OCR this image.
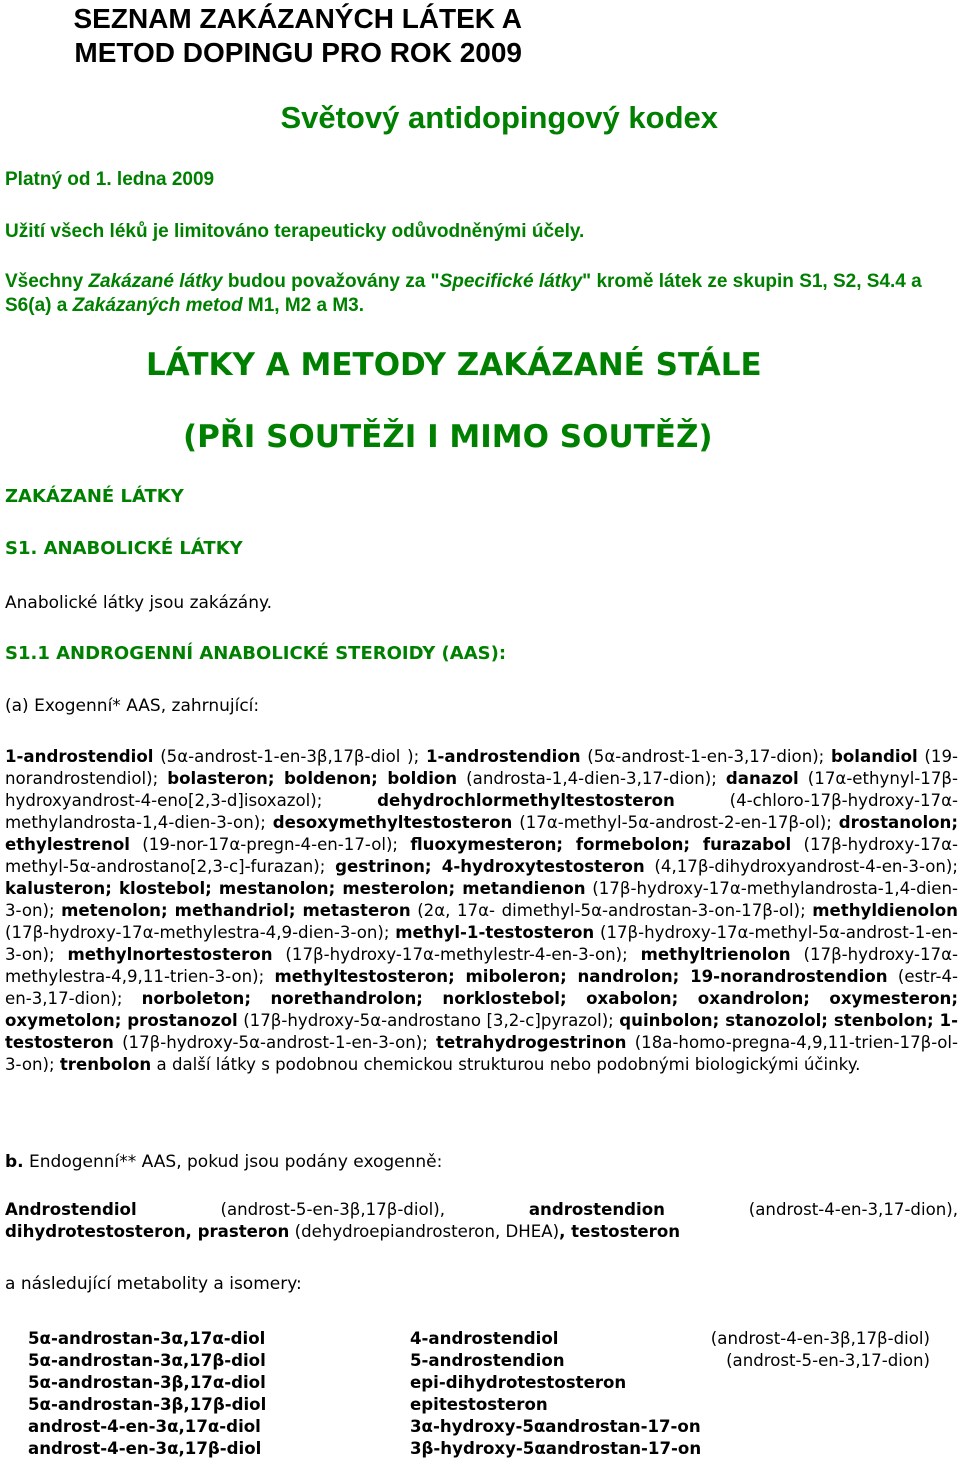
SEZNAM ZAKÁZANÝCH LÁTEK A METOD DOPINGU PRO ROK 2009
Světový antidopingový kodex
Platný od 1. ledna 2009
Užití všech léků je limitováno terapeuticky odůvodněnými účely.
Všechny Zakázané látky budou považovány za "Specifické látky" kromě látek ze skupin S1, S2, S4.4 a S6(a) a Zakázaných metod M1, M2 a M3.
LÁTKY A METODY ZAKÁZANÉ STÁLE
(PŘI SOUTĚŽI I MIMO SOUTĚŽ)
ZAKÁZANÉ LÁTKY
S1. ANABOLICKÉ LÁTKY
Anabolické látky jsou zakázány.
S1.1 ANDROGENNÍ ANABOLICKÉ STEROIDY (AAS):
(a) Exogenní* AAS, zahrnující:
1-androstendiol (5α-androst-1-en-3β,17β-diol ); 1-androstendion (5α-androst-1-en-3,17-dion); bolandiol (19-norandrostendiol); bolasteron; boldenon; boldion (androsta-1,4-dien-3,17-dion); danazol (17α-ethynyl-17β-hydroxyandrost-4-eno[2,3-d]isoxazol); dehydrochlormethyltestosteron (4-chloro-17β-hydroxy-17α-methylandrosta-1,4-dien-3-on); desoxymethyltestosteron (17α-methyl-5α-androst-2-en-17β-ol); drostanolon; ethylestrenol (19-nor-17α-pregn-4-en-17-ol); fluoxymesteron; formebolon; furazabol (17β-hydroxy-17α-methyl-5α-androstano[2,3-c]-furazan); gestrinon; 4-hydroxytestosteron (4,17β-dihydroxyandrost-4-en-3-on); kalusteron; klostebol; mestanolon; mesterolon; metandienon (17β-hydroxy-17α-methylandrosta-1,4-dien-3-on); metenolon; methandriol; metasteron (2α, 17α- dimethyl-5α-androstan-3-on-17β-ol); methyldienolon (17β-hydroxy-17α-methylestra-4,9-dien-3-on); methyl-1-testosteron (17β-hydroxy-17α-methyl-5α-androst-1-en-3-on); methylnortestosteron (17β-hydroxy-17α-methylestr-4-en-3-on); methyltrienolon (17β-hydroxy-17α-methylestra-4,9,11-trien-3-on); methyltestosteron; miboleron; nandrolon; 19-norandrostendion (estr-4-en-3,17-dion); norboleton; norethandrolon; norklostebol; oxabolon; oxandrolon; oxymesteron; oxymetolon; prostanozol (17β-hydroxy-5α-androstano [3,2-c]pyrazol); quinbolon; stanozolol; stenbolon; 1-testosteron (17β-hydroxy-5α-androst-1-en-3-on); tetrahydrogestrinon (18a-homo-pregna-4,9,11-trien-17β-ol-3-on); trenbolon a další látky s podobnou chemickou strukturou nebo podobnými biologickými účinky.
b. Endogenní** AAS, pokud jsou podány exogenně:
Androstendiol (androst-5-en-3β,17β-diol), androstendion (androst-4-en-3,17-dion),
dihydrotestosteron, prasteron (dehydroepiandrosteron, DHEA), testosteron
a následující metabolity a isomery:
5α-androstan-3α,17α-diol
5α-androstan-3α,17β-diol
5α-androstan-3β,17α-diol
5α-androstan-3β,17β-diol
androst-4-en-3α,17α-diol
androst-4-en-3α,17β-diol
4-androstendiol
5-androstendion
epi-dihydrotestosteron
epitestosteron
3α-hydroxy-5αandrostan-17-on
3β-hydroxy-5αandrostan-17-on
(androst-4-en-3β,17β-diol)
(androst-5-en-3,17-dion)
